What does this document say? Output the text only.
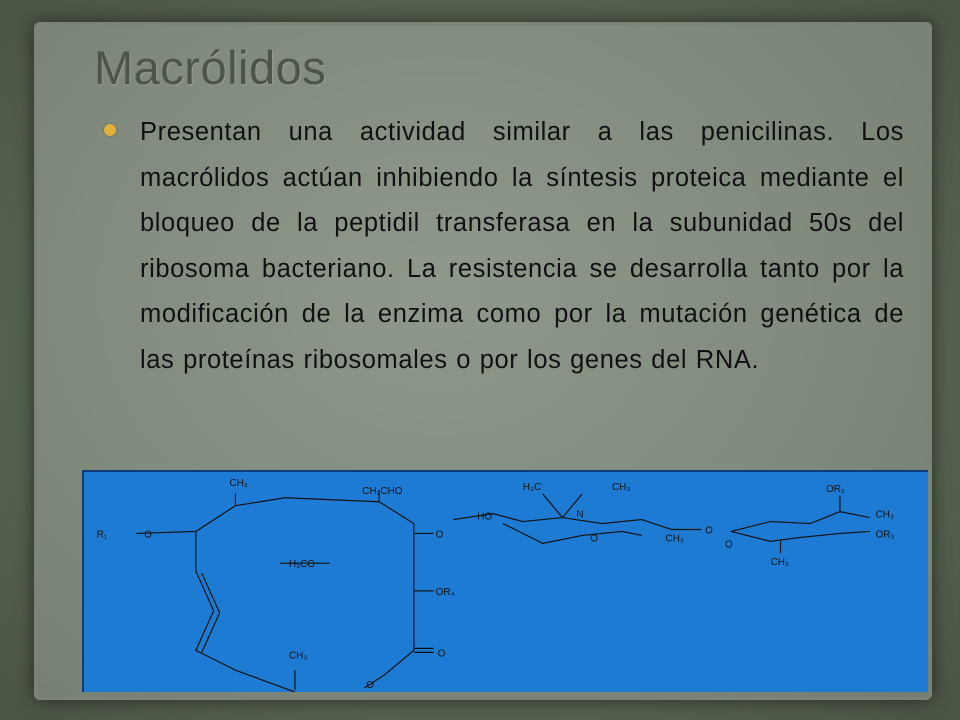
Macrólidos

Presentan una actividad similar a las penicilinas. Los macrólidos actúan inhibiendo la síntesis proteica mediante el bloqueo de la peptidil transferasa en la subunidad 50s del ribosoma bacteriano. La resistencia se desarrolla tanto por la modificación de la enzima como por la mutación genética de las proteínas ribosomales o por los genes del RNA.

CH₃
CH₂CHO
R₁	O
H₃CO
O
OR₄
CH₃	O
O
H₃C
N
CH₃
HO
O	CH₃
O
OR₂
CH₃
OR₃
O
CH₃
